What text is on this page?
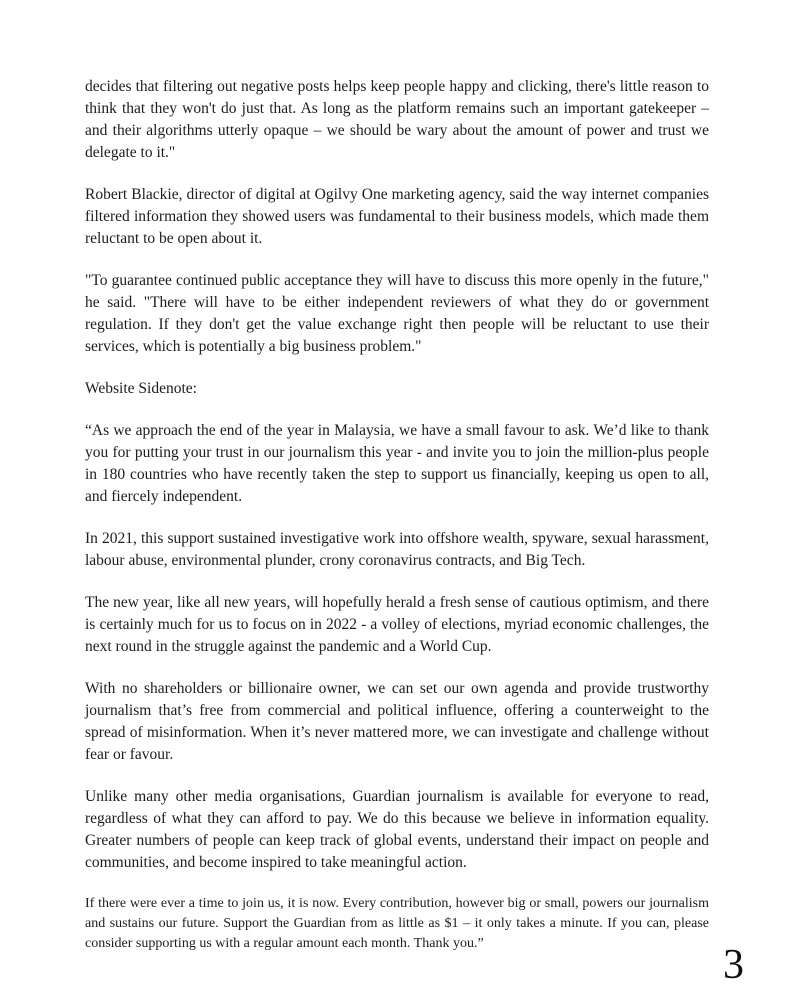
decides that filtering out negative posts helps keep people happy and clicking, there's little reason to think that they won't do just that. As long as the platform remains such an important gatekeeper – and their algorithms utterly opaque – we should be wary about the amount of power and trust we delegate to it."

Robert Blackie, director of digital at Ogilvy One marketing agency, said the way internet companies filtered information they showed users was fundamental to their business models, which made them reluctant to be open about it.

"To guarantee continued public acceptance they will have to discuss this more openly in the future," he said. "There will have to be either independent reviewers of what they do or government regulation. If they don't get the value exchange right then people will be reluctant to use their services, which is potentially a big business problem."

Website Sidenote:

“As we approach the end of the year in Malaysia, we have a small favour to ask. We’d like to thank you for putting your trust in our journalism this year - and invite you to join the million-plus people in 180 countries who have recently taken the step to support us financially, keeping us open to all, and fiercely independent.

In 2021, this support sustained investigative work into offshore wealth, spyware, sexual harassment, labour abuse, environmental plunder, crony coronavirus contracts, and Big Tech.

The new year, like all new years, will hopefully herald a fresh sense of cautious optimism, and there is certainly much for us to focus on in 2022 - a volley of elections, myriad economic challenges, the next round in the struggle against the pandemic and a World Cup.

With no shareholders or billionaire owner, we can set our own agenda and provide trustworthy journalism that’s free from commercial and political influence, offering a counterweight to the spread of misinformation. When it’s never mattered more, we can investigate and challenge without fear or favour.

Unlike many other media organisations, Guardian journalism is available for everyone to read, regardless of what they can afford to pay. We do this because we believe in information equality. Greater numbers of people can keep track of global events, understand their impact on people and communities, and become inspired to take meaningful action.

If there were ever a time to join us, it is now. Every contribution, however big or small, powers our journalism and sustains our future. Support the Guardian from as little as $1 – it only takes a minute. If you can, please consider supporting us with a regular amount each month. Thank you.”	3
